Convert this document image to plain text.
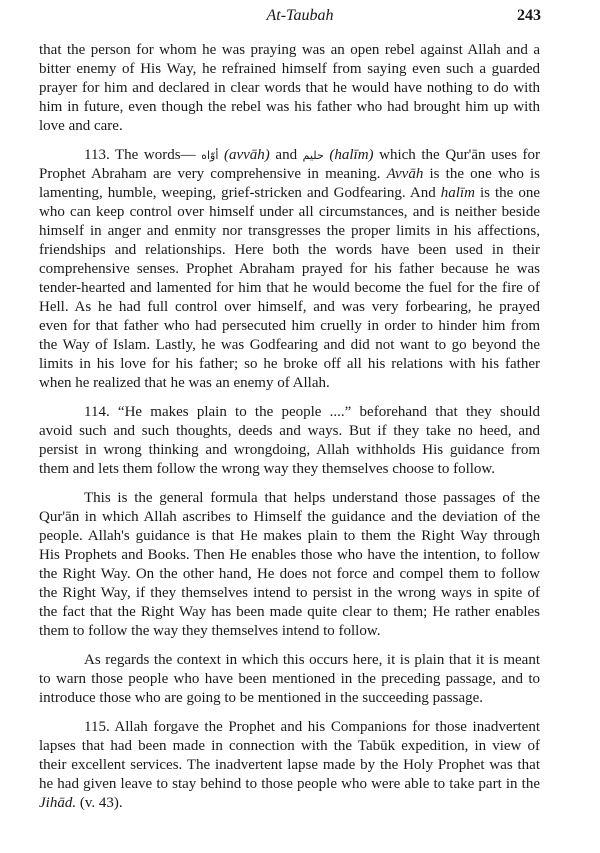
At-Taubah	243
that the person for whom he was praying was an open rebel against Allah and a
bitter enemy of His Way, he refrained himself from saying even such a guarded
prayer for him and declared in clear words that he would have nothing to do with
him in future, even though the rebel was his father who had brought him up with
love and care.
113. The words— أوّاه (avvāh) and حليم (halīm) which the Qur'ān uses for
Prophet Abraham are very comprehensive in meaning. Avvāh is the one who is
lamenting, humble, weeping, grief-stricken and Godfearing. And halīm is the one
who can keep control over himself under all circumstances, and is neither beside
himself in anger and enmity nor transgresses the proper limits in his affections,
friendships and relationships. Here both the words have been used in their
comprehensive senses. Prophet Abraham prayed for his father because he was
tender-hearted and lamented for him that he would become the fuel for the fire of
Hell. As he had full control over himself, and was very forbearing, he prayed
even for that father who had persecuted him cruelly in order to hinder him from
the Way of Islam. Lastly, he was Godfearing and did not want to go beyond the
limits in his love for his father; so he broke off all his relations with his father
when he realized that he was an enemy of Allah.
114. “He makes plain to the people ....” beforehand that they should
avoid such and such thoughts, deeds and ways. But if they take no heed, and
persist in wrong thinking and wrongdoing, Allah withholds His guidance from
them and lets them follow the wrong way they themselves choose to follow.
This is the general formula that helps understand those passages of the
Qur'ān in which Allah ascribes to Himself the guidance and the deviation of the
people. Allah's guidance is that He makes plain to them the Right Way through
His Prophets and Books. Then He enables those who have the intention, to follow
the Right Way. On the other hand, He does not force and compel them to follow
the Right Way, if they themselves intend to persist in the wrong ways in spite of
the fact that the Right Way has been made quite clear to them; He rather enables
them to follow the way they themselves intend to follow.
As regards the context in which this occurs here, it is plain that it is meant
to warn those people who have been mentioned in the preceding passage, and to
introduce those who are going to be mentioned in the succeeding passage.
115. Allah forgave the Prophet and his Companions for those inadvertent
lapses that had been made in connection with the Tabūk expedition, in view of
their excellent services. The inadvertent lapse made by the Holy Prophet was that
he had given leave to stay behind to those people who were able to take part in the
Jihād. (v. 43).
